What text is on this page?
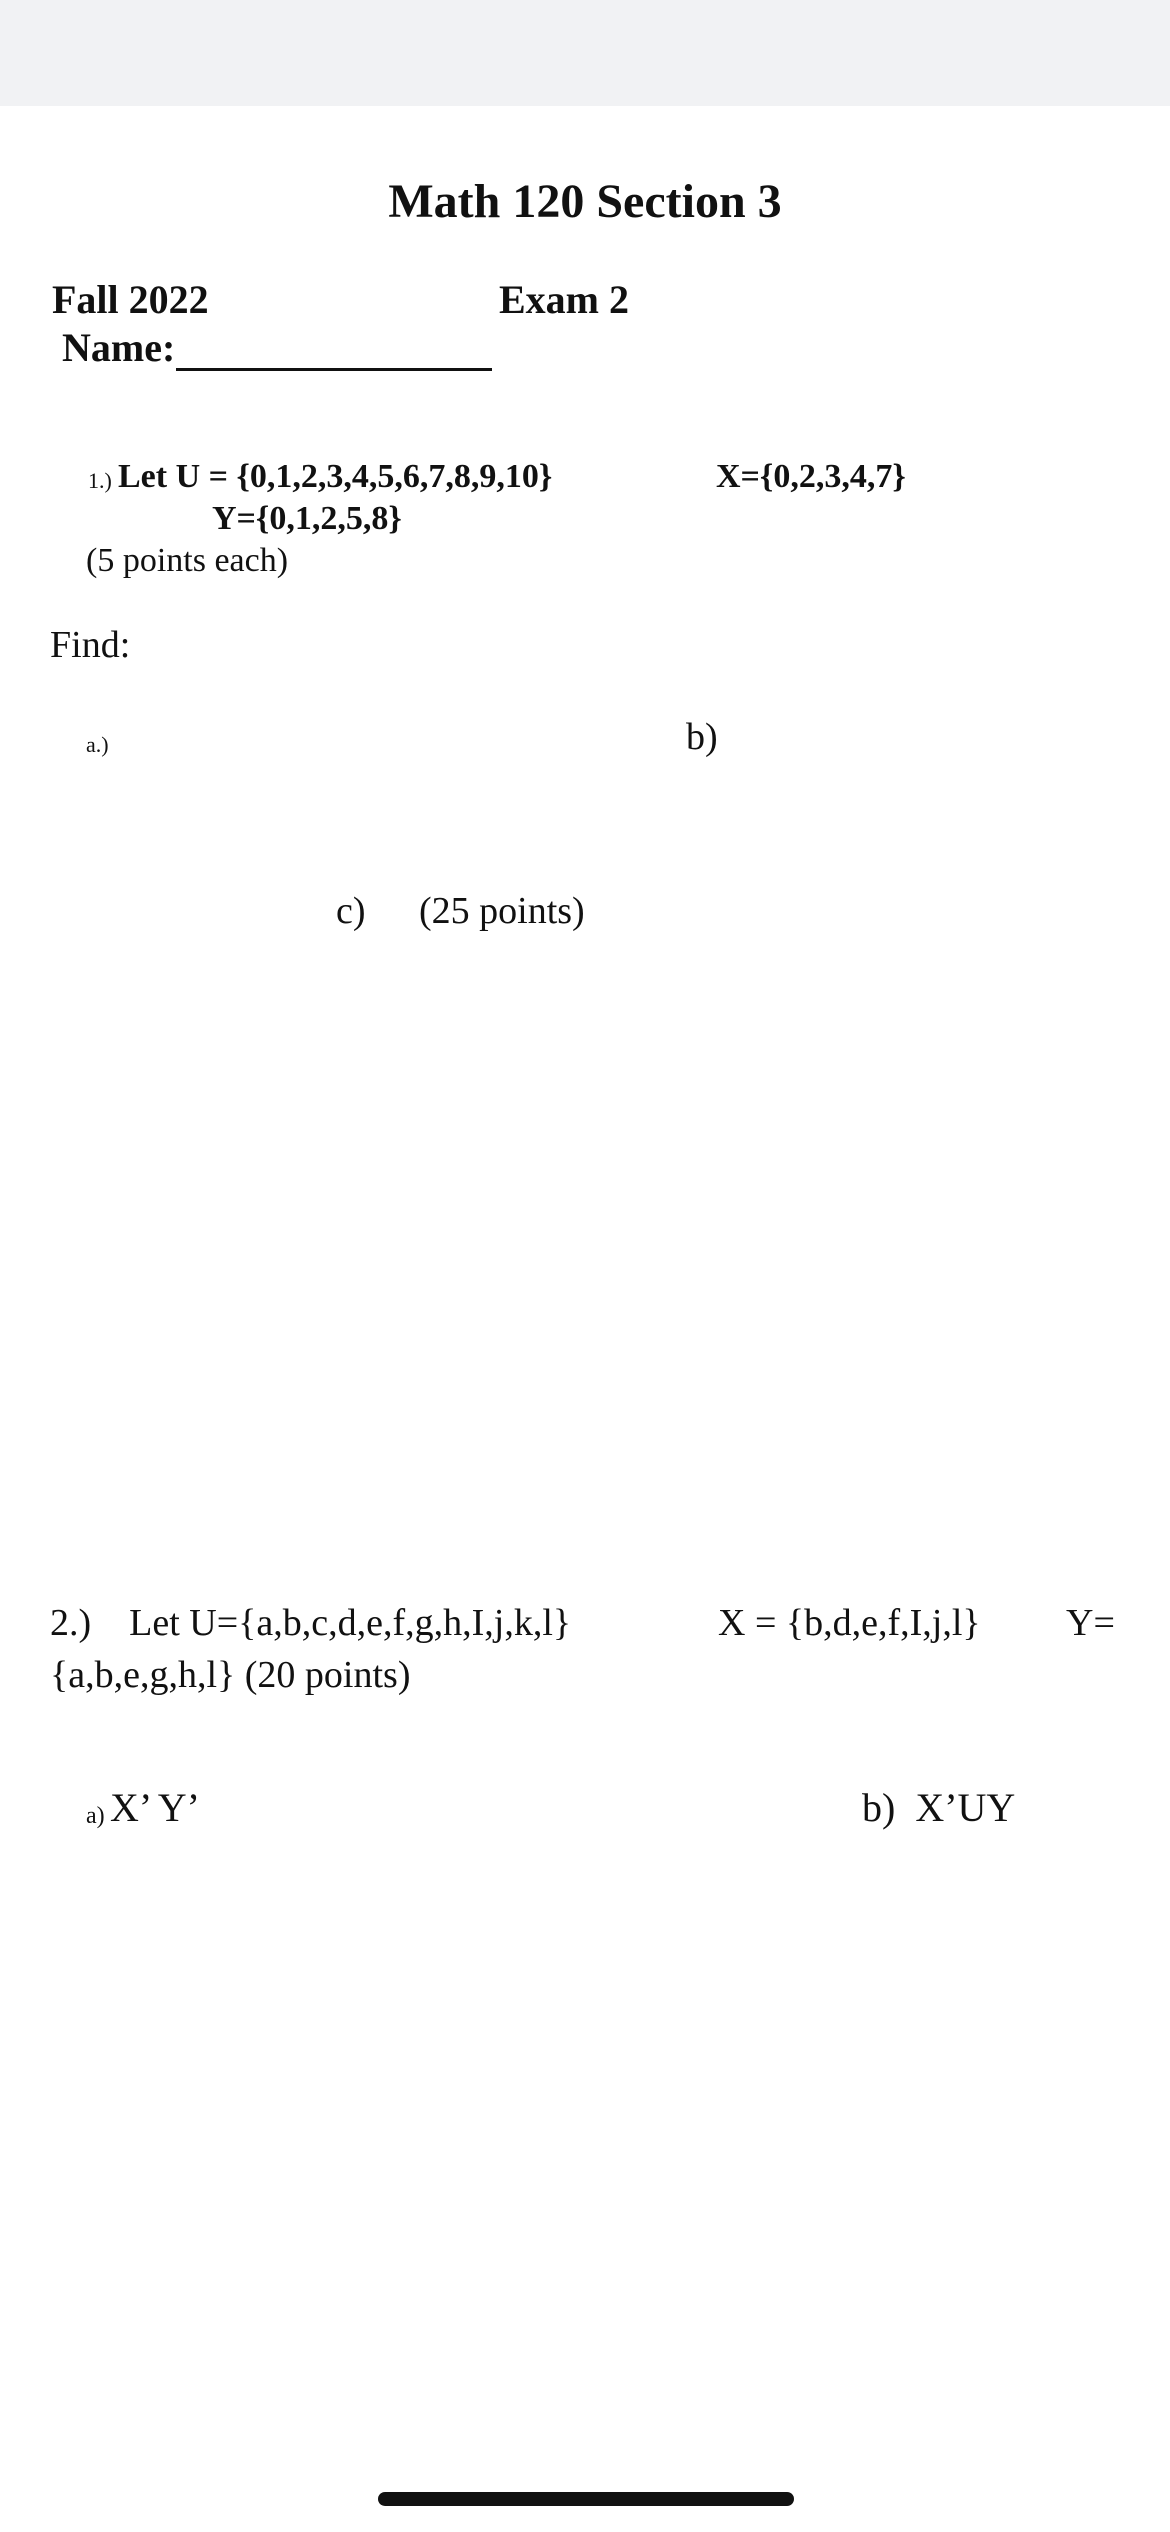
Math 120 Section 3
Fall 2022	Exam 2
Name:
1.) Let U = {0,1,2,3,4,5,6,7,8,9,10}	X={0,2,3,4,7}
Y={0,1,2,5,8}
(5 points each)
Find:
a.)	b)
c) (25 points)
2.)    Let U={a,b,c,d,e,f,g,h,I,j,k,l}	X = {b,d,e,f,I,j,l} Y=
{a,b,e,g,h,l} (20 points)
a) X’ Y’	b)  X’UY
